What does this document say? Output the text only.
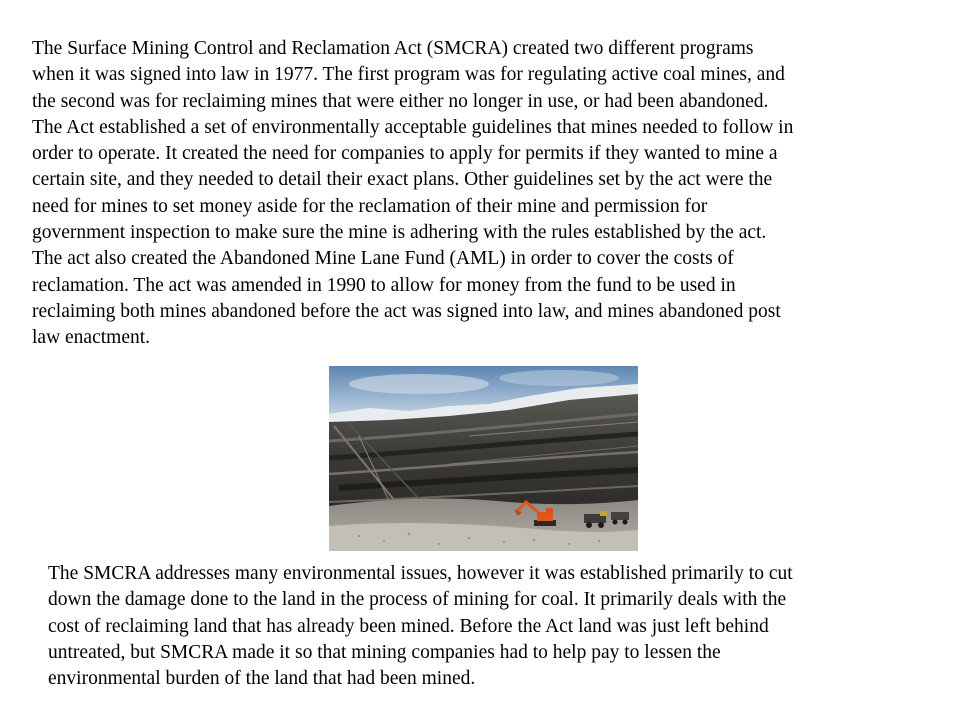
The Surface Mining Control and Reclamation Act (SMCRA) created two different programs
when it was signed into law in 1977. The first program was for regulating active coal mines, and
the second was for reclaiming mines that were either no longer in use, or had been abandoned.
The Act established a set of environmentally acceptable guidelines that mines needed to follow in
order to operate. It created the need for companies to apply for permits if they wanted to mine a
certain site, and they needed to detail their exact plans. Other guidelines set by the act were the
need for mines to set money aside for the reclamation of their mine and permission for
government inspection to make sure the mine is adhering with the rules established by the act.
The act also created the Abandoned Mine Lane Fund (AML) in order to cover the costs of
reclamation. The act was amended in 1990 to allow for money from the fund to be used in
reclaiming both mines abandoned before the act was signed into law, and mines abandoned post
law enactment.

The SMCRA addresses many environmental issues, however it was established primarily to cut
down the damage done to the land in the process of mining for coal. It primarily deals with the
cost of reclaiming land that has already been mined. Before the Act land was just left behind
untreated, but SMCRA made it so that mining companies had to help pay to lessen the
environmental burden of the land that had been mined.
